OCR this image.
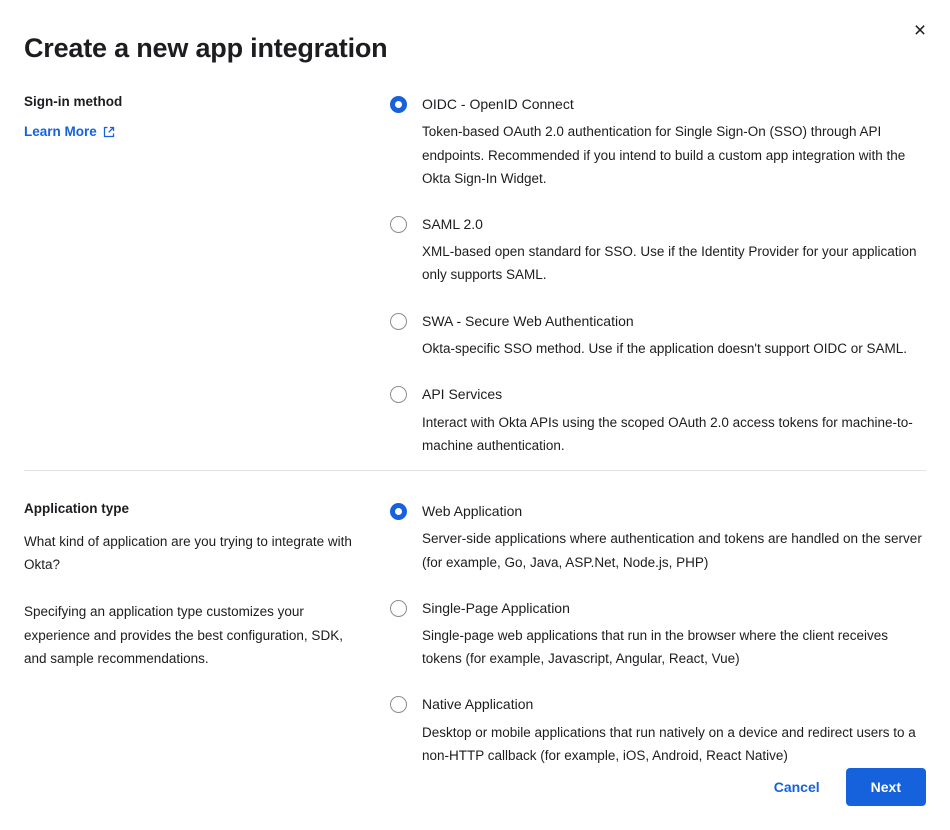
×
Create a new app integration
Sign-in method
Learn More
OIDC - OpenID Connect
Token-based OAuth 2.0 authentication for Single Sign-On (SSO) through API endpoints. Recommended if you intend to build a custom app integration with the Okta Sign-In Widget.
SAML 2.0
XML-based open standard for SSO. Use if the Identity Provider for your application only supports SAML.
SWA - Secure Web Authentication
Okta-specific SSO method. Use if the application doesn't support OIDC or SAML.
API Services
Interact with Okta APIs using the scoped OAuth 2.0 access tokens for machine-to-machine authentication.
Application type

What kind of application are you trying to integrate with Okta?

Specifying an application type customizes your experience and provides the best configuration, SDK, and sample recommendations.

Web Application
Server-side applications where authentication and tokens are handled on the server (for example, Go, Java, ASP.Net, Node.js, PHP)
Single-Page Application
Single-page web applications that run in the browser where the client receives tokens (for example, Javascript, Angular, React, Vue)
Native Application
Desktop or mobile applications that run natively on a device and redirect users to a non-HTTP callback (for example, iOS, Android, React Native)
Cancel	Next
